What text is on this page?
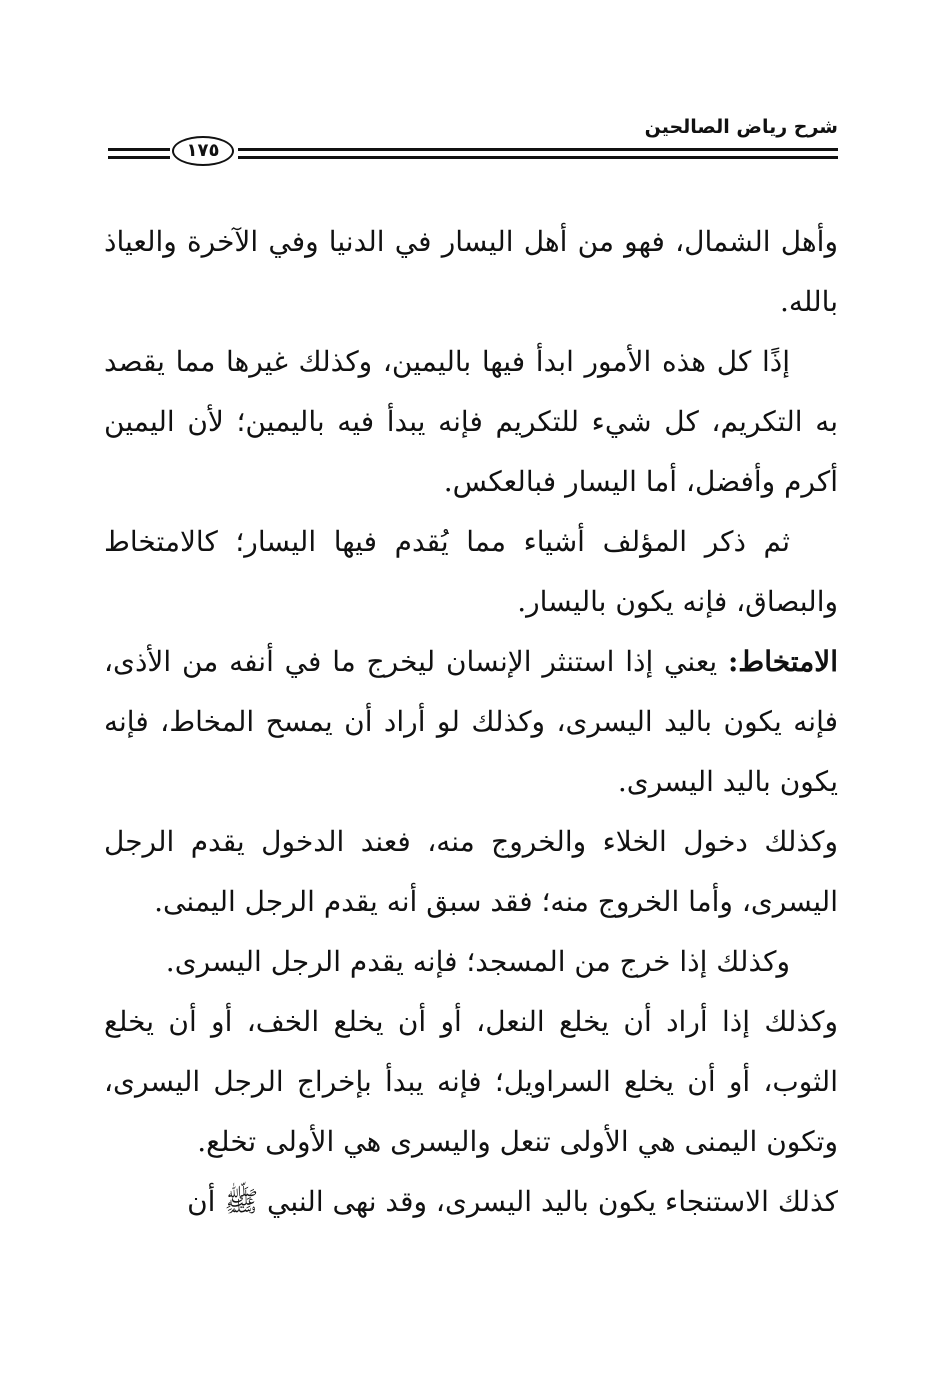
شرح رياض الصالحين
١٧٥

وأهل الشمال، فهو من أهل اليسار في الدنيا وفي الآخرة والعياذ بالله.

إذًا كل هذه الأمور ابدأ فيها باليمين، وكذلك غيرها مما يقصد به التكريم، كل شيء للتكريم فإنه يبدأ فيه باليمين؛ لأن اليمين أكرم وأفضل، أما اليسار فبالعكس.

ثم ذكر المؤلف أشياء مما يُقدم فيها اليسار؛ كالامتخاط والبصاق، فإنه يكون باليسار.

الامتخاط: يعني إذا استنثر الإنسان ليخرج ما في أنفه من الأذى، فإنه يكون باليد اليسرى، وكذلك لو أراد أن يمسح المخاط، فإنه يكون باليد اليسرى.

وكذلك دخول الخلاء والخروج منه، فعند الدخول يقدم الرجل اليسرى، وأما الخروج منه؛ فقد سبق أنه يقدم الرجل اليمنى.

وكذلك إذا خرج من المسجد؛ فإنه يقدم الرجل اليسرى.

وكذلك إذا أراد أن يخلع النعل، أو أن يخلع الخف، أو أن يخلع الثوب، أو أن يخلع السراويل؛ فإنه يبدأ بإخراج الرجل اليسرى، وتكون اليمنى هي الأولى تنعل واليسرى هي الأولى تخلع.

كذلك الاستنجاء يكون باليد اليسرى، وقد نهى النبي ﷺ أن
